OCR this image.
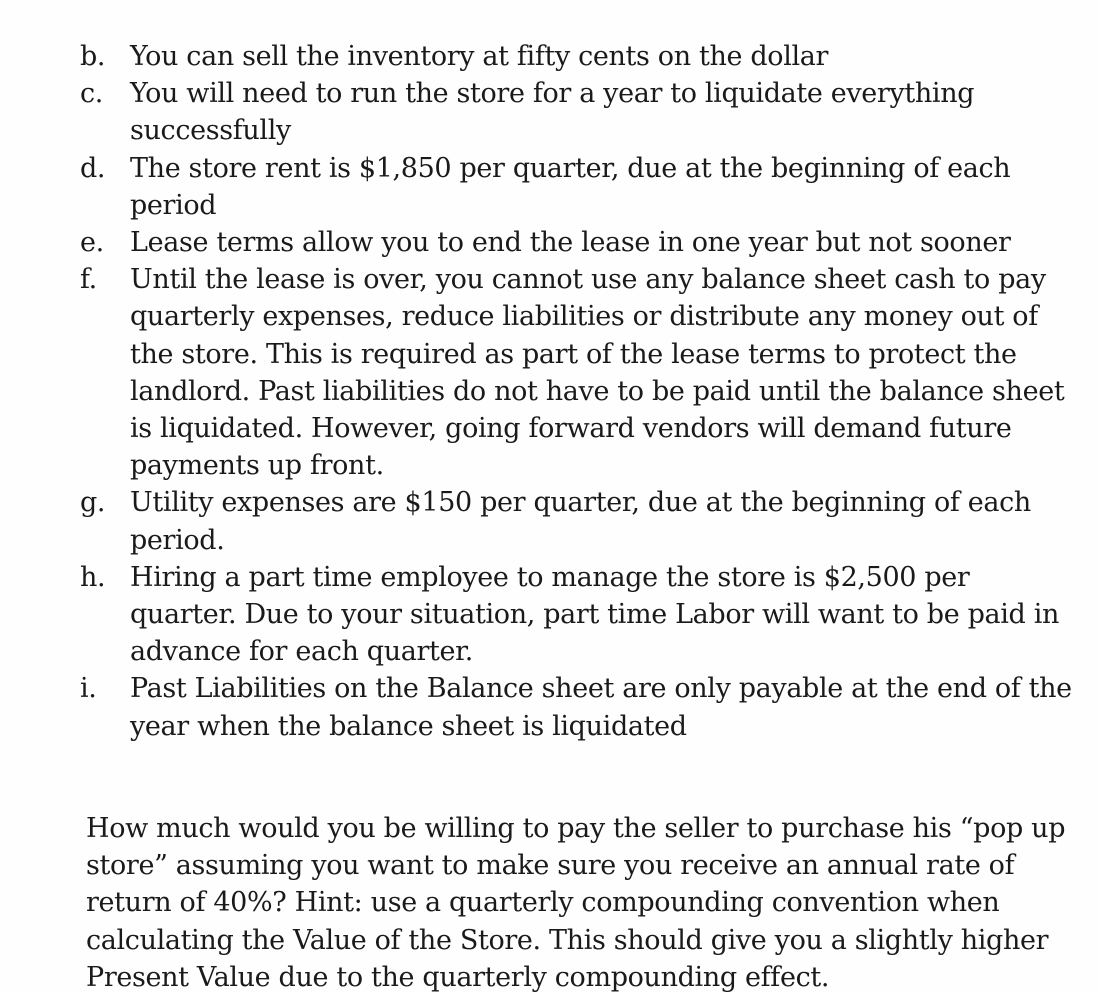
b. You can sell the inventory at fifty cents on the dollar
c. You will need to run the store for a year to liquidate everything
successfully
d. The store rent is $1,850 per quarter, due at the beginning of each
period
e. Lease terms allow you to end the lease in one year but not sooner
f.	Until the lease is over, you cannot use any balance sheet cash to pay
quarterly expenses, reduce liabilities or distribute any money out of
the store. This is required as part of the lease terms to protect the
landlord. Past liabilities do not have to be paid until the balance sheet
is liquidated. However, going forward vendors will demand future
payments up front.
g. Utility expenses are $150 per quarter, due at the beginning of each
period.
h. Hiring a part time employee to manage the store is $2,500 per
quarter. Due to your situation, part time Labor will want to be paid in
advance for each quarter.
i.	Past Liabilities on the Balance sheet are only payable at the end of the
year when the balance sheet is liquidated

How much would you be willing to pay the seller to purchase his “pop up
store” assuming you want to make sure you receive an annual rate of
return of 40%? Hint: use a quarterly compounding convention when
calculating the Value of the Store. This should give you a slightly higher
Present Value due to the quarterly compounding effect.
